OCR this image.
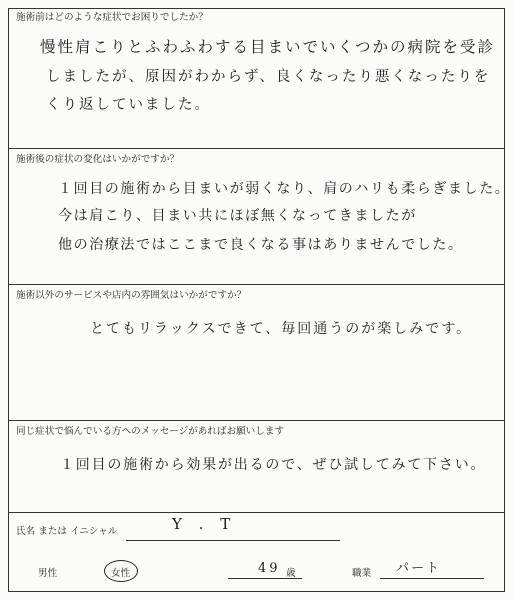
施術前はどのような症状でお困りでしたか？
慢性肩こりとふわふわする目まいでいくつかの病院を受診
しましたが、原因がわからず、良くなったり悪くなったりを
くり返していました。
施術後の症状の変化はいかがですか？
１回目の施術から目まいが弱くなり、肩のハリも柔らぎました。
今は肩こり、目まい共にほぼ無くなってきましたが
他の治療法ではここまで良くなる事はありませんでした。
施術以外のサービスや店内の雰囲気はいかがですか？
とてもリラックスできて、毎回通うのが楽しみです。
同じ症状で悩んでいる方へのメッセージがあればお願いします
１回目の施術から効果が出るので、ぜひ試してみて下さい。
氏名 または イニシャル	Y . T
男性	女性	49 歳	職業 パート
